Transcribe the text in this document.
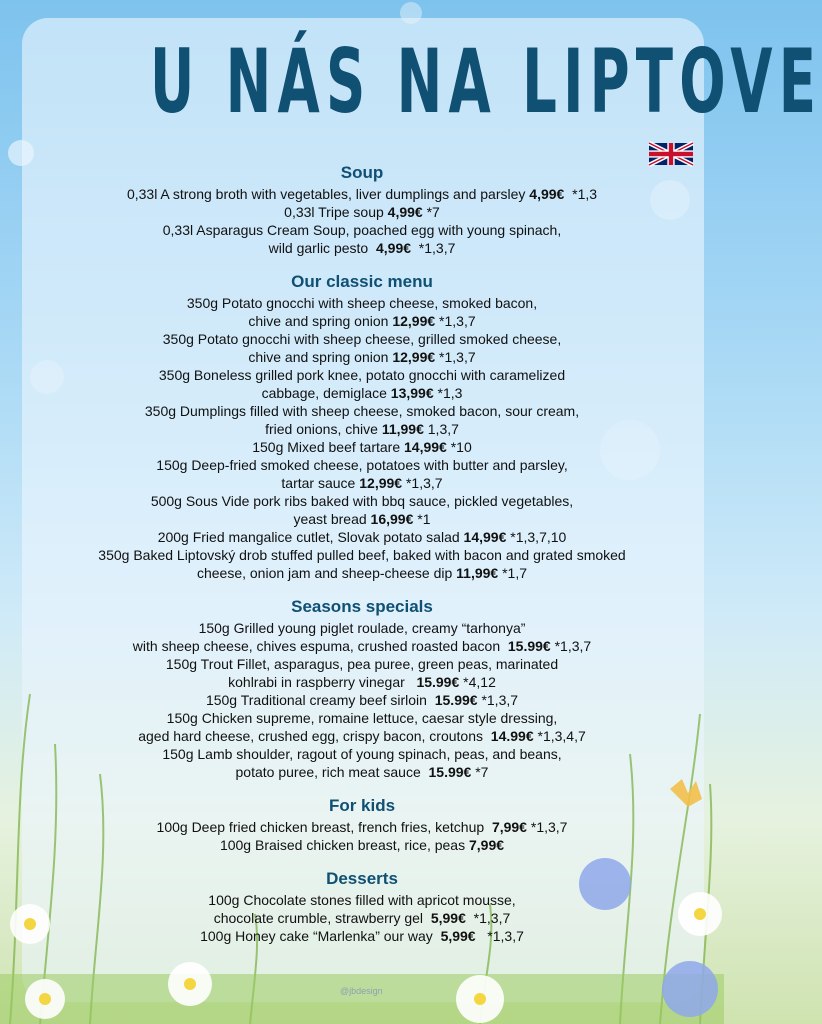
U NÁS NA LIPTOVE
Soup
0,33l A strong broth with vegetables, liver dumplings and parsley 4,99€  *1,3
0,33l Tripe soup 4,99€ *7
0,33l Asparagus Cream Soup, poached egg with young spinach,
wild garlic pesto  4,99€  *1,3,7
Our classic menu
350g Potato gnocchi with sheep cheese, smoked bacon,
chive and spring onion 12,99€ *1,3,7
350g Potato gnocchi with sheep cheese, grilled smoked cheese,
chive and spring onion 12,99€ *1,3,7
350g Boneless grilled pork knee, potato gnocchi with caramelized
cabbage, demiglace 13,99€ *1,3
350g Dumplings filled with sheep cheese, smoked bacon, sour cream,
fried onions, chive 11,99€ 1,3,7
150g Mixed beef tartare 14,99€ *10
150g Deep-fried smoked cheese, potatoes with butter and parsley,
tartar sauce 12,99€ *1,3,7
500g Sous Vide pork ribs baked with bbq sauce, pickled vegetables,
yeast bread 16,99€ *1
200g Fried mangalice cutlet, Slovak potato salad 14,99€ *1,3,7,10
350g Baked Liptovský drob stuffed pulled beef, baked with bacon and grated smoked
cheese, onion jam and sheep-cheese dip 11,99€ *1,7
Seasons specials
150g Grilled young piglet roulade, creamy “tarhonya”
with sheep cheese, chives espuma, crushed roasted bacon  15.99€ *1,3,7
150g Trout Fillet, asparagus, pea puree, green peas, marinated
kohlrabi in raspberry vinegar   15.99€ *4,12
150g Traditional creamy beef sirloin  15.99€ *1,3,7
150g Chicken supreme, romaine lettuce, caesar style dressing,
aged hard cheese, crushed egg, crispy bacon, croutons  14.99€ *1,3,4,7
150g Lamb shoulder, ragout of young spinach, peas, and beans,
potato puree, rich meat sauce  15.99€ *7
For kids
100g Deep fried chicken breast, french fries, ketchup  7,99€ *1,3,7
100g Braised chicken breast, rice, peas 7,99€
Desserts
100g Chocolate stones filled with apricot mousse,
chocolate crumble, strawberry gel  5,99€  *1,3,7
100g Honey cake “Marlenka” our way  5,99€   *1,3,7
@jbdesign
